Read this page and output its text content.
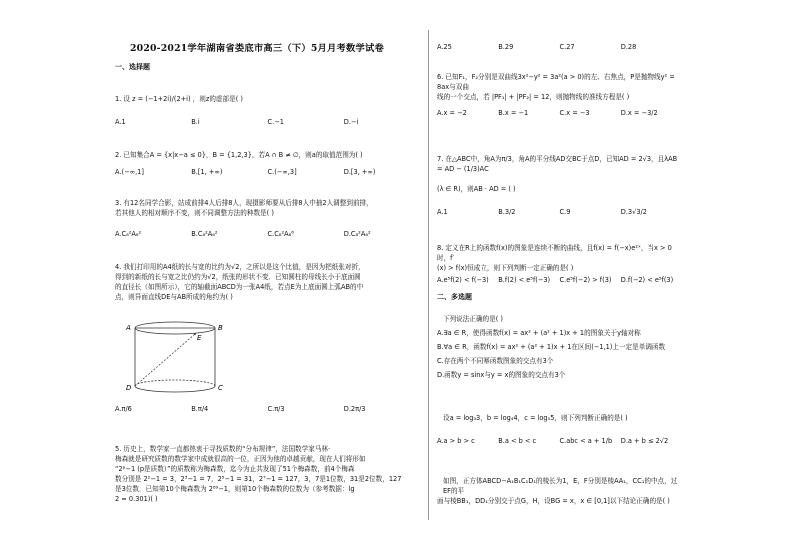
2020-2021学年湖南省娄底市高三（下）5月月考数学试卷
一、选择题
1. 设 z = (−1+2i)/(2+i) ，则z的虚部是( )
A.1	B.i	C.−1	D.−i
2. 已知集合A = {x|x−a ≤ 0}，B = {1,2,3}，若A ∩ B ≠ ∅，则a的取值范围为( )
A.(−∞,1]	B.[1, +∞)	C.(−∞,3]	D.[3, +∞)
3. 有12名同学合影，站成前排4人后排8人，现摄影师要从后排8人中抽2人调整到前排，
若其他人的相对顺序不变，则不同调整方法的种数是( )
A.C₈²A₆²	B.C₈²A₆²	C.C₈²A₆⁶	D.C₈²A₆²
4. 我们打印用的A4纸的长与宽的比约为√2，之所以是这个比值，是因为把纸张对折，
得到的新纸的长与宽之比仍约为√2，纸张的形状不变．已知圆柱的母线长小于底面圆
的直径长（如图所示），它的轴截面ABCD为一张A4纸，若点E为上底面圆上弧AB的中
点，则异面直线DE与AB所成的角约为( )
A	B
C
D
E
A.π/6	B.π/4	C.π/3	D.2π/3
5. 历史上，数学家一直都热衷于寻找质数的“分布规律”，法国数学家马林·
梅森就是研究质数的数学家中成就很高的一位，正因为他的卓越贡献，现在人们将形如
“2ᵖ−1 (p是质数）”的质数称为梅森数，迄今为止共发现了51个梅森数，前4个梅森
数分别是 2²−1 = 3，2³−1 = 7，2⁵−1 = 31，2⁷−1 = 127，3，7是1位数，31是2位数，127
是3位数．已知第10个梅森数为 2⁸⁹−1，则第10个梅森数的位数为（参考数据：lg
2 ≈ 0.301)( )
A.25	B.29	C.27	D.28
6. 已知F₁，F₂分别是双曲线3x²−y² = 3a²(a > 0)的左、右焦点，P是抛物线y² = 8ax与双曲
线的一个交点，若 |PF₁| + |PF₂| = 12，则抛物线的准线方程是( )
A.x = −2	B.x = −1	C.x = −3	D.x = −3/2
7. 在△ABC中，角A为π/3，角A的平分线AD交BC于点D，已知AD = 2√3，且λAB = AD − (1/3)AC
(λ ∈ R)，则AB · AD = ( )
A.1	B.3/2	C.9	D.3√3/2
8. 定义在R上的函数f(x)的图象是连续不断的曲线，且f(x) = f(−x)e²ˣ，当x > 0时，f′
(x) > f(x)恒成立，则下列判断一定正确的是( )
A.e⁵f(2) < f(−3) B.f(2) < e⁵f(−3) C.e⁵f(−2) > f(3) D.f(−2) < e⁵f(3)
二、多选题
下列说法正确的是( )
A.∃a ∈ R，使得函数f(x) = ax² + (a² + 1)x + 1的图象关于y轴对称
B.∀a ∈ R，函数f(x) = ax² + (a² + 1)x + 1在区间(−1,1)上一定是单调函数
C.存在两个不同幂函数图象的交点有3个
D.函数y = sinx与y = x的图象的交点有3个
设a = log₃3，b = log₄4，c = log₅5，则下列判断正确的是( )
A.a > b > c	B.a < b < c	C.abc < a + 1/b D.a + b ≤ 2√2
如图，正方体ABCD−A₁B₁C₁D₁的棱长为1，E，F分别是棱AA₁，CC₁的中点，过EF的平
面与棱BB₁，DD₁分别交于点G，H，设BG = x，x ∈ [0,1]以下结论正确的是( )
